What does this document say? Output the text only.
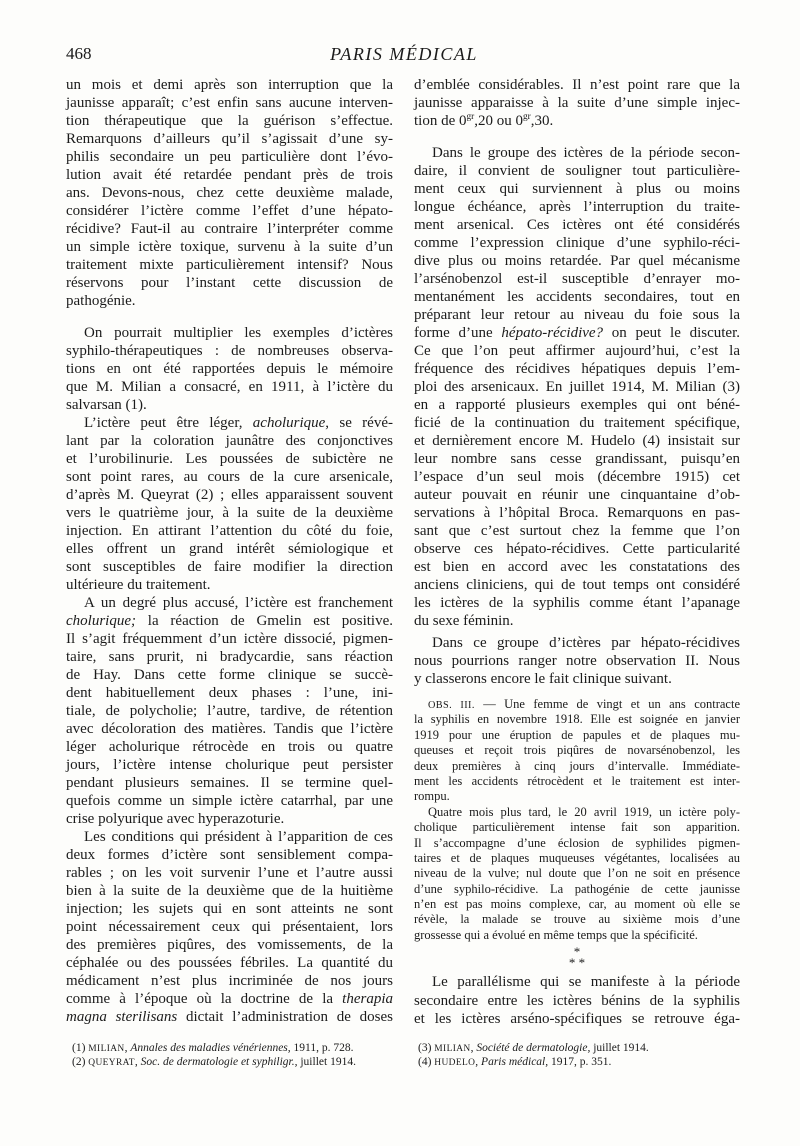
468	PARIS MÉDICAL
un mois et demi après son interruption que la
jaunisse apparaît; c’est enfin sans aucune interven-
tion thérapeutique que la guérison s’effectue.
Remarquons d’ailleurs qu’il s’agissait d’une sy-
philis secondaire un peu particulière dont l’évo-
lution avait été retardée pendant près de trois
ans. Devons-nous, chez cette deuxième malade,
considérer l’ictère comme l’effet d’une hépato-
récidive? Faut-il au contraire l’interpréter comme
un simple ictère toxique, survenu à la suite d’un
traitement mixte particulièrement intensif? Nous
réservons pour l’instant cette discussion de
pathogénie.
On pourrait multiplier les exemples d’ictères
syphilo-thérapeutiques : de nombreuses observa-
tions en ont été rapportées depuis le mémoire
que M. Milian a consacré, en 1911, à l’ictère du
salvarsan (1).
L’ictère peut être léger, acholurique, se révé-
lant par la coloration jaunâtre des conjonctives
et l’urobilinurie. Les poussées de subictère ne
sont point rares, au cours de la cure arsenicale,
d’après M. Queyrat (2) ; elles apparaissent souvent
vers le quatrième jour, à la suite de la deuxième
injection. En attirant l’attention du côté du foie,
elles offrent un grand intérêt sémiologique et
sont susceptibles de faire modifier la direction
ultérieure du traitement.
A un degré plus accusé, l’ictère est franchement
cholurique; la réaction de Gmelin est positive.
Il s’agit fréquemment d’un ictère dissocié, pigmen-
taire, sans prurit, ni bradycardie, sans réaction
de Hay. Dans cette forme clinique se succè-
dent habituellement deux phases : l’une, ini-
tiale, de polycholie; l’autre, tardive, de rétention
avec décoloration des matières. Tandis que l’ictère
léger acholurique rétrocède en trois ou quatre
jours, l’ictère intense cholurique peut persister
pendant plusieurs semaines. Il se termine quel-
quefois comme un simple ictère catarrhal, par une
crise polyurique avec hyperazoturie.
Les conditions qui président à l’apparition de ces
deux formes d’ictère sont sensiblement compa-
rables ; on les voit survenir l’une et l’autre aussi
bien à la suite de la deuxième que de la huitième
injection; les sujets qui en sont atteints ne sont
point nécessairement ceux qui présentaient, lors
des premières piqûres, des vomissements, de la
céphalée ou des poussées fébriles. La quantité du
médicament n’est plus incriminée de nos jours
comme à l’époque où la doctrine de la therapia
magna sterilisans dictait l’administration de doses
(1) MILIAN, Annales des maladies vénériennes, 1911, p. 728.
(2) QUEYRAT, Soc. de dermatologie et syphiligr., juillet 1914.
d’emblée considérables. Il n’est point rare que la
jaunisse apparaisse à la suite d’une simple injec-
tion de $0^{gr},20$ ou $0^{gr},30$.
Dans le groupe des ictères de la période secon-
daire, il convient de souligner tout particulière-
ment ceux qui surviennent à plus ou moins
longue échéance, après l’interruption du traite-
ment arsenical. Ces ictères ont été considérés
comme l’expression clinique d’une syphilo-réci-
dive plus ou moins retardée. Par quel mécanisme
l’arsénobenzol est-il susceptible d’enrayer mo-
mentanément les accidents secondaires, tout en
préparant leur retour au niveau du foie sous la
forme d’une hépato-récidive? on peut le discuter.
Ce que l’on peut affirmer aujourd’hui, c’est la
fréquence des récidives hépatiques depuis l’em-
ploi des arsenicaux. En juillet 1914, M. Milian (3)
en a rapporté plusieurs exemples qui ont béné-
ficié de la continuation du traitement spécifique,
et dernièrement encore M. Hudelo (4) insistait sur
leur nombre sans cesse grandissant, puisqu’en
l’espace d’un seul mois (décembre 1915) cet
auteur pouvait en réunir une cinquantaine d’ob-
servations à l’hôpital Broca. Remarquons en pas-
sant que c’est surtout chez la femme que l’on
observe ces hépato-récidives. Cette particularité
est bien en accord avec les constatations des
anciens cliniciens, qui de tout temps ont considéré
les ictères de la syphilis comme étant l’apanage
du sexe féminin.
Dans ce groupe d’ictères par hépato-récidives
nous pourrions ranger notre observation II. Nous
y classerons encore le fait clinique suivant.
OBS. III. — Une femme de vingt et un ans contracte
la syphilis en novembre 1918. Elle est soignée en janvier
1919 pour une éruption de papules et de plaques mu-
queuses et reçoit trois piqûres de novarsénobenzol, les
deux premières à cinq jours d’intervalle. Immédiate-
ment les accidents rétrocèdent et le traitement est inter-
rompu.
Quatre mois plus tard, le 20 avril 1919, un ictère poly-
cholique particulièrement intense fait son apparition.
Il s’accompagne d’une éclosion de syphilides pigmen-
taires et de plaques muqueuses végétantes, localisées au
niveau de la vulve; nul doute que l’on ne soit en présence
d’une syphilo-récidive. La pathogénie de cette jaunisse
n’en est pas moins complexe, car, au moment où elle se
révèle, la malade se trouve au sixième mois d’une
grossesse qui a évolué en même temps que la spécificité.
*
* *
Le parallélisme qui se manifeste à la période
secondaire entre les ictères bénins de la syphilis
et les ictères arséno-spécifiques se retrouve éga-
(3) MILIAN, Société de dermatologie, juillet 1914.
(4) HUDELO, Paris médical, 1917, p. 351.
